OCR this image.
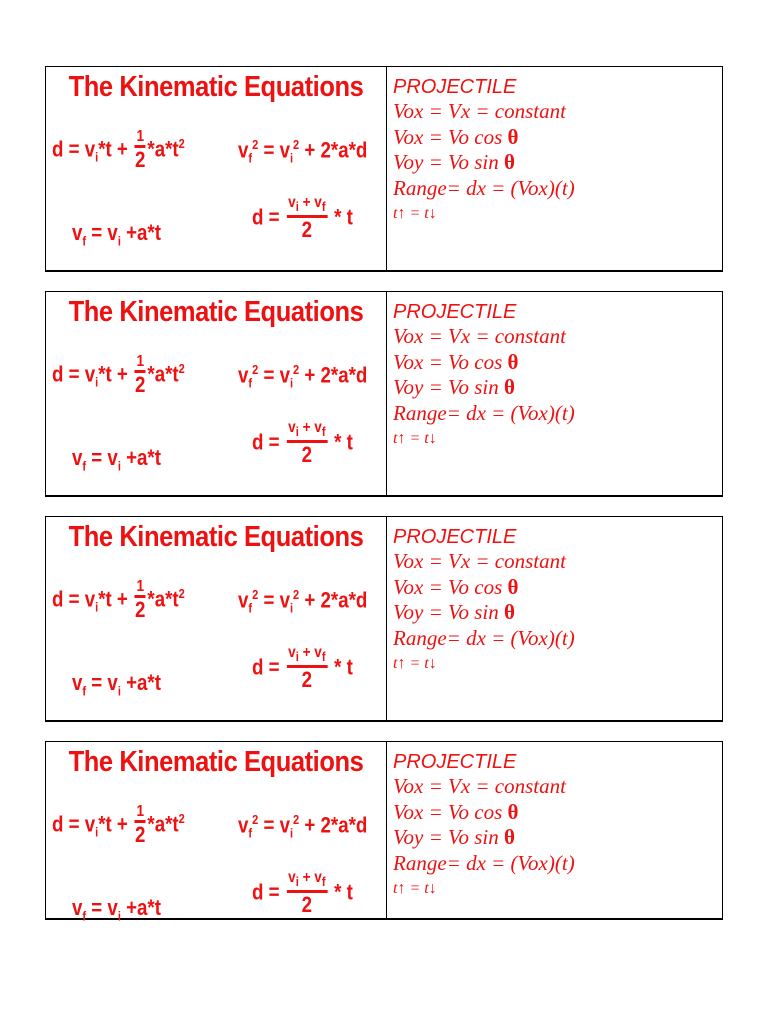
The Kinematic Equations
$d = v_i*t + \frac{1}{2} *a*t^2$ $v_f^2 = v_i^2 + 2*a*d$
$v_f = v_i +a*t$
$d = \frac{v_i + v_f}{2} * t$

PROJECTILE

Vox = Vx = constant

Vox = Vo cos θ

Voy = Vo sin θ

Range= dx = (Vox)(t)

t↑ = t↓

The Kinematic Equations
$d = v_i*t + \frac{1}{2} *a*t^2$ $v_f^2 = v_i^2 + 2*a*d$
$v_f = v_i +a*t$
$d = \frac{v_i + v_f}{2} * t$

PROJECTILE

Vox = Vx = constant

Vox = Vo cos θ

Voy = Vo sin θ

Range= dx = (Vox)(t)

t↑ = t↓

The Kinematic Equations
$d = v_i*t + \frac{1}{2} *a*t^2$ $v_f^2 = v_i^2 + 2*a*d$
$v_f = v_i +a*t$
$d = \frac{v_i + v_f}{2} * t$

PROJECTILE

Vox = Vx = constant

Vox = Vo cos θ

Voy = Vo sin θ

Range= dx = (Vox)(t)

t↑ = t↓

The Kinematic Equations
$d = v_i*t + \frac{1}{2} *a*t^2$ $v_f^2 = v_i^2 + 2*a*d$
$v_f = v_i +a*t$
$d = \frac{v_i + v_f}{2} * t$

PROJECTILE

Vox = Vx = constant

Vox = Vo cos θ

Voy = Vo sin θ

Range= dx = (Vox)(t)

t↑ = t↓
